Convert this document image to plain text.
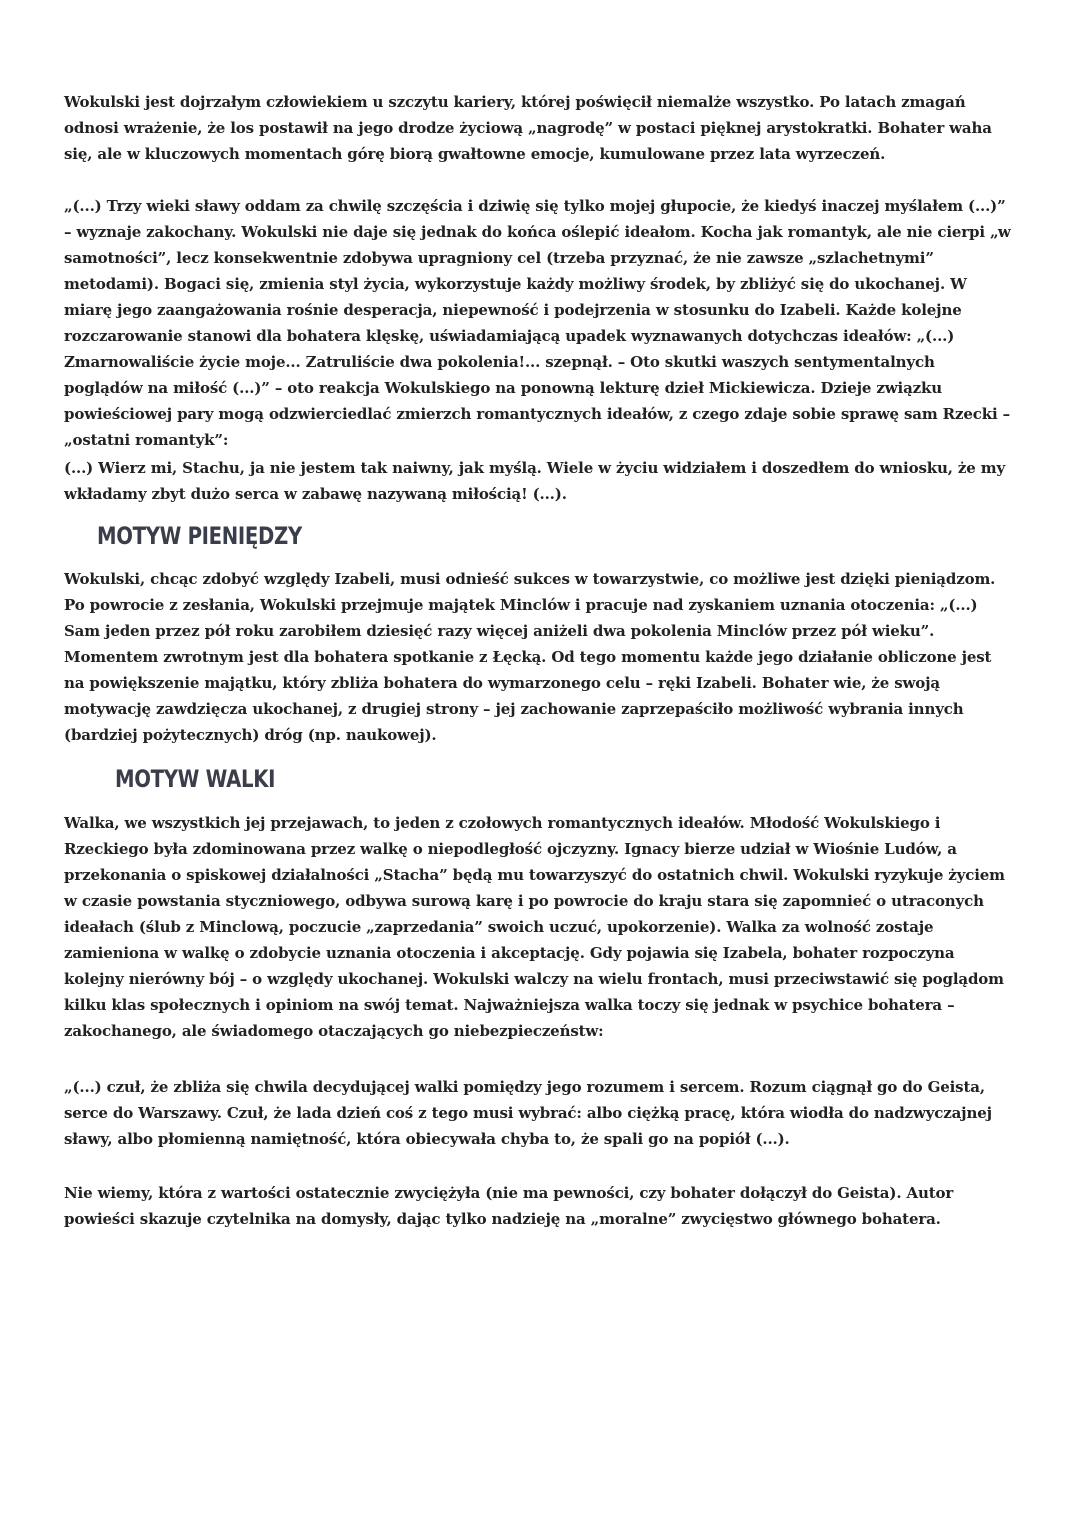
Wokulski jest dojrzałym człowiekiem u szczytu kariery, której poświęcił niemalże wszystko. Po latach zmagań odnosi wrażenie, że los postawił na jego drodze życiową „nagrodę” w postaci pięknej arystokratki. Bohater waha się, ale w kluczowych momentach górę biorą gwałtowne emocje, kumulowane przez lata wyrzeczeń.

„(...) Trzy wieki sławy oddam za chwilę szczęścia i dziwię się tylko mojej głupocie, że kiedyś inaczej myślałem (...)” – wyznaje zakochany. Wokulski nie daje się jednak do końca oślepić ideałom. Kocha jak romantyk, ale nie cierpi „w samotności”, lecz konsekwentnie zdobywa upragniony cel (trzeba przyznać, że nie zawsze „szlachetnymi” metodami). Bogaci się, zmienia styl życia, wykorzystuje każdy możliwy środek, by zbliżyć się do ukochanej. W miarę jego zaangażowania rośnie desperacja, niepewność i podejrzenia w stosunku do Izabeli. Każde kolejne rozczarowanie stanowi dla bohatera klęskę, uświadamiającą upadek wyznawanych dotychczas ideałów: „(...) Zmarnowaliście życie moje... Zatruliście dwa pokolenia!... szepnął. – Oto skutki waszych sentymentalnych poglądów na miłość (...)” – oto reakcja Wokulskiego na ponowną lekturę dzieł Mickiewicza. Dzieje związku powieściowej pary mogą odzwierciedlać zmierzch romantycznych ideałów, z czego zdaje sobie sprawę sam Rzecki – „ostatni romantyk”:

(...) Wierz mi, Stachu, ja nie jestem tak naiwny, jak myślą. Wiele w życiu widziałem i doszedłem do wniosku, że my wkładamy zbyt dużo serca w zabawę nazywaną miłością! (...).

MOTYW PIENIĘDZY

Wokulski, chcąc zdobyć względy Izabeli, musi odnieść sukces w towarzystwie, co możliwe jest dzięki pieniądzom. Po powrocie z zesłania, Wokulski przejmuje majątek Minclów i pracuje nad zyskaniem uznania otoczenia: „(...) Sam jeden przez pół roku zarobiłem dziesięć razy więcej aniżeli dwa pokolenia Minclów przez pół wieku”. Momentem zwrotnym jest dla bohatera spotkanie z Łęcką. Od tego momentu każde jego działanie obliczone jest na powiększenie majątku, który zbliża bohatera do wymarzonego celu – ręki Izabeli. Bohater wie, że swoją motywację zawdzięcza ukochanej, z drugiej strony – jej zachowanie zaprzepaściło możliwość wybrania innych (bardziej pożytecznych) dróg (np. naukowej).

MOTYW WALKI

Walka, we wszystkich jej przejawach, to jeden z czołowych romantycznych ideałów. Młodość Wokulskiego i Rzeckiego była zdominowana przez walkę o niepodległość ojczyzny. Ignacy bierze udział w Wiośnie Ludów, a przekonania o spiskowej działalności „Stacha” będą mu towarzyszyć do ostatnich chwil. Wokulski ryzykuje życiem w czasie powstania styczniowego, odbywa surową karę i po powrocie do kraju stara się zapomnieć o utraconych ideałach (ślub z Minclową, poczucie „zaprzedania” swoich uczuć, upokorzenie). Walka za wolność zostaje zamieniona w walkę o zdobycie uznania otoczenia i akceptację. Gdy pojawia się Izabela, bohater rozpoczyna kolejny nierówny bój – o względy ukochanej. Wokulski walczy na wielu frontach, musi przeciwstawić się poglądom kilku klas społecznych i opiniom na swój temat. Najważniejsza walka toczy się jednak w psychice bohatera – zakochanego, ale świadomego otaczających go niebezpieczeństw:

„(...) czuł, że zbliża się chwila decydującej walki pomiędzy jego rozumem i sercem. Rozum ciągnął go do Geista, serce do Warszawy. Czuł, że lada dzień coś z tego musi wybrać: albo ciężką pracę, która wiodła do nadzwyczajnej sławy, albo płomienną namiętność, która obiecywała chyba to, że spali go na popiół (...).

Nie wiemy, która z wartości ostatecznie zwyciężyła (nie ma pewności, czy bohater dołączył do Geista). Autor powieści skazuje czytelnika na domysły, dając tylko nadzieję na „moralne” zwycięstwo głównego bohatera.
